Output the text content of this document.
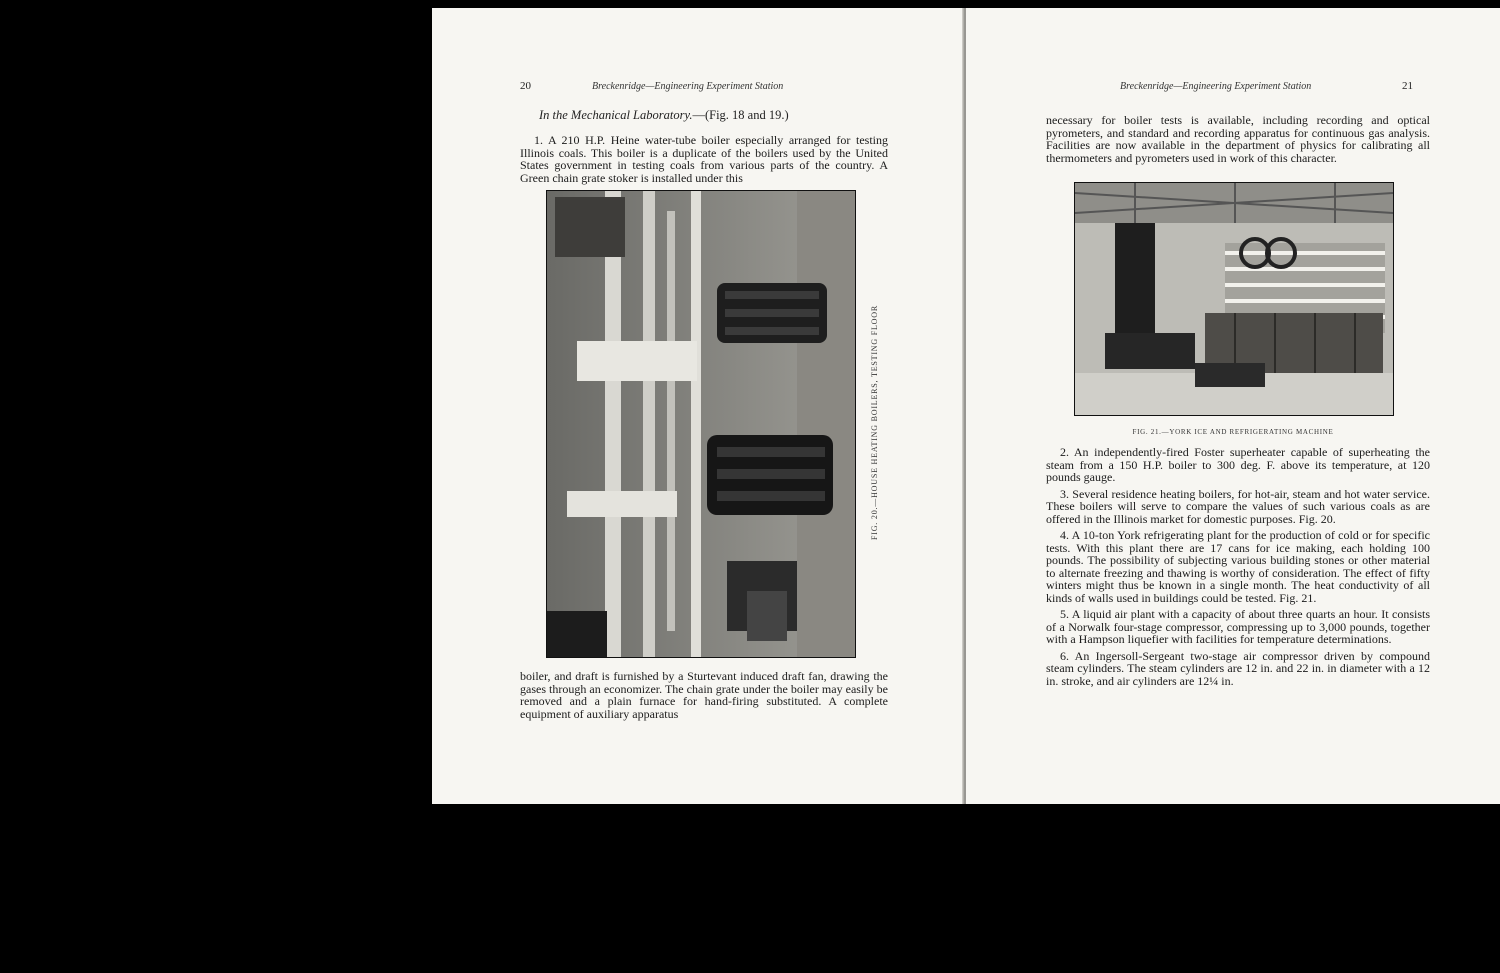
20	Breckenridge—Engineering Experiment Station
In the Mechanical Laboratory.—(Fig. 18 and 19.)

1. A 210 H.P. Heine water-tube boiler especially arranged for testing Illinois coals. This boiler is a duplicate of the boilers used by the United States government in testing coals from various parts of the country. A Green chain grate stoker is installed under this

FIG. 20.—HOUSE HEATING BOILERS, TESTING FLOOR

boiler, and draft is furnished by a Sturtevant induced draft fan, drawing the gases through an economizer. The chain grate under the boiler may easily be removed and a plain furnace for hand-firing substituted. A complete equipment of auxiliary apparatus

Breckenridge—Engineering Experiment Station	21

necessary for boiler tests is available, including recording and optical pyrometers, and standard and recording apparatus for continuous gas analysis. Facilities are now available in the department of physics for calibrating all thermometers and pyrometers used in work of this character.

FIG. 21.—YORK ICE AND REFRIGERATING MACHINE

2. An independently-fired Foster superheater capable of superheating the steam from a 150 H.P. boiler to 300 deg. F. above its temperature, at 120 pounds gauge.

3. Several residence heating boilers, for hot-air, steam and hot water service. These boilers will serve to compare the values of such various coals as are offered in the Illinois market for domestic purposes. Fig. 20.

4. A 10-ton York refrigerating plant for the production of cold or for specific tests. With this plant there are 17 cans for ice making, each holding 100 pounds. The possibility of subjecting various building stones or other material to alternate freezing and thawing is worthy of consideration. The effect of fifty winters might thus be known in a single month. The heat conductivity of all kinds of walls used in buildings could be tested. Fig. 21.

5. A liquid air plant with a capacity of about three quarts an hour. It consists of a Norwalk four-stage compressor, compressing up to 3,000 pounds, together with a Hampson liquefier with facilities for temperature determinations.

6. An Ingersoll-Sergeant two-stage air compressor driven by compound steam cylinders. The steam cylinders are 12 in. and 22 in. in diameter with a 12 in. stroke, and air cylinders are 12¼ in.
